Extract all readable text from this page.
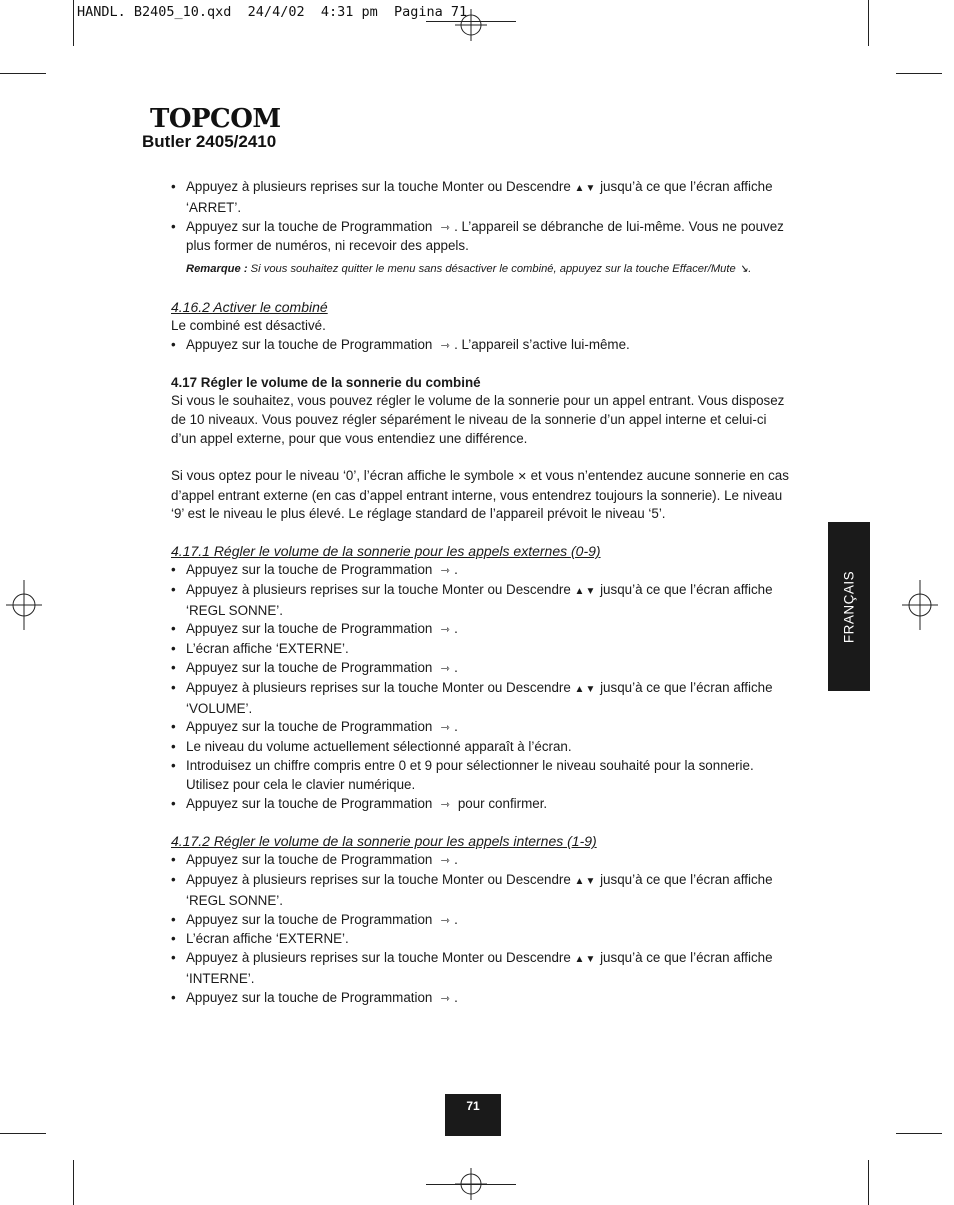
HANDL. B2405_10.qxd  24/4/02  4:31 pm  Pagina 71
TOPCOM
Butler 2405/2410
• Appuyez à plusieurs reprises sur la touche Monter ou Descendre ▲▼ jusqu’à ce que l’écran affiche ‘ARRET’.
• Appuyez sur la touche de Programmation ⇾ . L’appareil se débranche de lui-même. Vous ne pouvez plus former de numéros, ni recevoir des appels.
Remarque : Si vous souhaitez quitter le menu sans désactiver le combiné, appuyez sur la touche Effacer/Mute ↘.
4.16.2 Activer le combiné
Le combiné est désactivé.
• Appuyez sur la touche de Programmation ⇾ . L’appareil s’active lui-même.
4.17 Régler le volume de la sonnerie du combiné
Si vous le souhaitez, vous pouvez régler le volume de la sonnerie pour un appel entrant. Vous disposez de 10 niveaux. Vous pouvez régler séparément le niveau de la sonnerie d’un appel interne et celui-ci d’un appel externe, pour que vous entendiez une différence.
Si vous optez pour le niveau ‘0’, l’écran affiche le symbole ✕ et vous n’entendez aucune sonnerie en cas d’appel entrant externe (en cas d’appel entrant interne, vous entendrez toujours la sonnerie). Le niveau ‘9’ est le niveau le plus élevé. Le réglage standard de l’appareil prévoit le niveau ‘5’.
4.17.1 Régler le volume de la sonnerie pour les appels externes (0-9)
• Appuyez sur la touche de Programmation ⇾ .
• Appuyez à plusieurs reprises sur la touche Monter ou Descendre ▲▼ jusqu’à ce que l’écran affiche ‘REGL SONNE’.
• Appuyez sur la touche de Programmation ⇾ .
• L’écran affiche ‘EXTERNE’.
• Appuyez sur la touche de Programmation ⇾ .
• Appuyez à plusieurs reprises sur la touche Monter ou Descendre ▲▼ jusqu’à ce que l’écran affiche ‘VOLUME’.
• Appuyez sur la touche de Programmation ⇾ .
• Le niveau du volume actuellement sélectionné apparaît à l’écran.
• Introduisez un chiffre compris entre 0 et 9 pour sélectionner le niveau souhaité pour la sonnerie. Utilisez pour cela le clavier numérique.
• Appuyez sur la touche de Programmation ⇾ pour confirmer.
4.17.2 Régler le volume de la sonnerie pour les appels internes (1-9)
• Appuyez sur la touche de Programmation ⇾ .
• Appuyez à plusieurs reprises sur la touche Monter ou Descendre ▲▼ jusqu’à ce que l’écran affiche ‘REGL SONNE’.
• Appuyez sur la touche de Programmation ⇾ .
• L’écran affiche ‘EXTERNE’.
• Appuyez à plusieurs reprises sur la touche Monter ou Descendre ▲▼ jusqu’à ce que l’écran affiche ‘INTERNE’.
• Appuyez sur la touche de Programmation ⇾ .
FRANÇAIS
71
